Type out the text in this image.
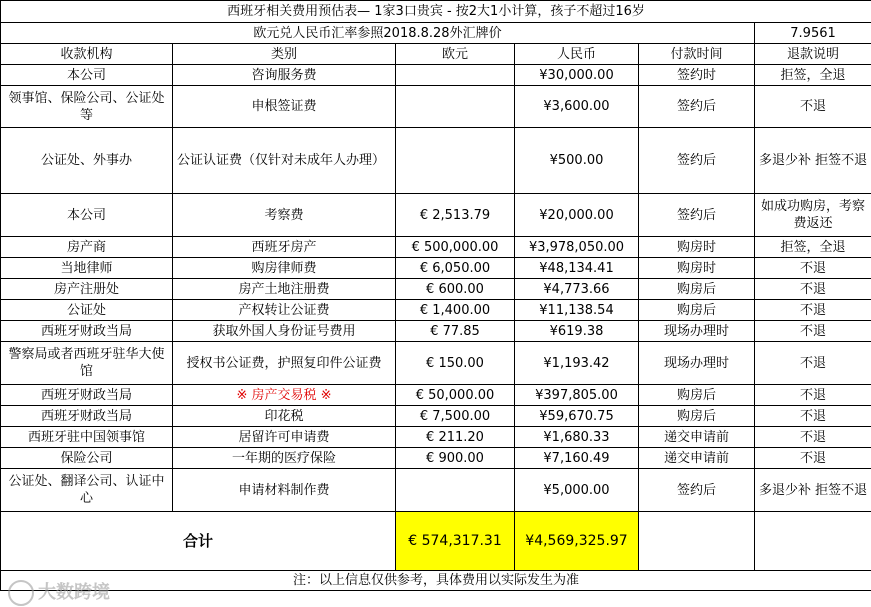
西班牙相关费用预估表— 1家3口贵宾 - 按2大1小计算，孩子不超过16岁					
欧元兑人民币汇率参照2018.8.28外汇牌价					7.9561
收款机构	类别	欧元	人民币	付款时间	退款说明
本公司	咨询服务费		¥30,000.00	签约时	拒签，全退
领事馆、保险公司、公证处等	申根签证费		¥3,600.00	签约后	不退
公证处、外事办	公证认证费（仅针对未成年人办理）		¥500.00	签约后	多退少补 拒签不退
本公司	考察费	€ 2,513.79	¥20,000.00	签约后	如成功购房，考察费返还
房产商	西班牙房产	€ 500,000.00	¥3,978,050.00	购房时	拒签，全退
当地律师	购房律师费	€ 6,050.00	¥48,134.41	购房时	不退
房产注册处	房产土地注册费	€ 600.00	¥4,773.66	购房后	不退
公证处	产权转让公证费	€ 1,400.00	¥11,138.54	购房后	不退
西班牙财政当局	获取外国人身份证号费用	€ 77.85	¥619.38	现场办理时	不退
警察局或者西班牙驻华大使馆	授权书公证费，护照复印件公证费	€ 150.00	¥1,193.42	现场办理时	不退
西班牙财政当局	※ 房产交易税 ※	€ 50,000.00	¥397,805.00	购房后	不退
西班牙财政当局	印花税	€ 7,500.00	¥59,670.75	购房后	不退
西班牙驻中国领事馆	居留许可申请费	€ 211.20	¥1,680.33	递交申请前	不退
保险公司	一年期的医疗保险	€ 900.00	¥7,160.49	递交申请前	不退
公证处、翻译公司、认证中心	申请材料制作费		¥5,000.00	签约后	多退少补 拒签不退
合计		€ 574,317.31	¥4,569,325.97		
注：以上信息仅供参考，具体费用以实际发生为准					
大数跨境
